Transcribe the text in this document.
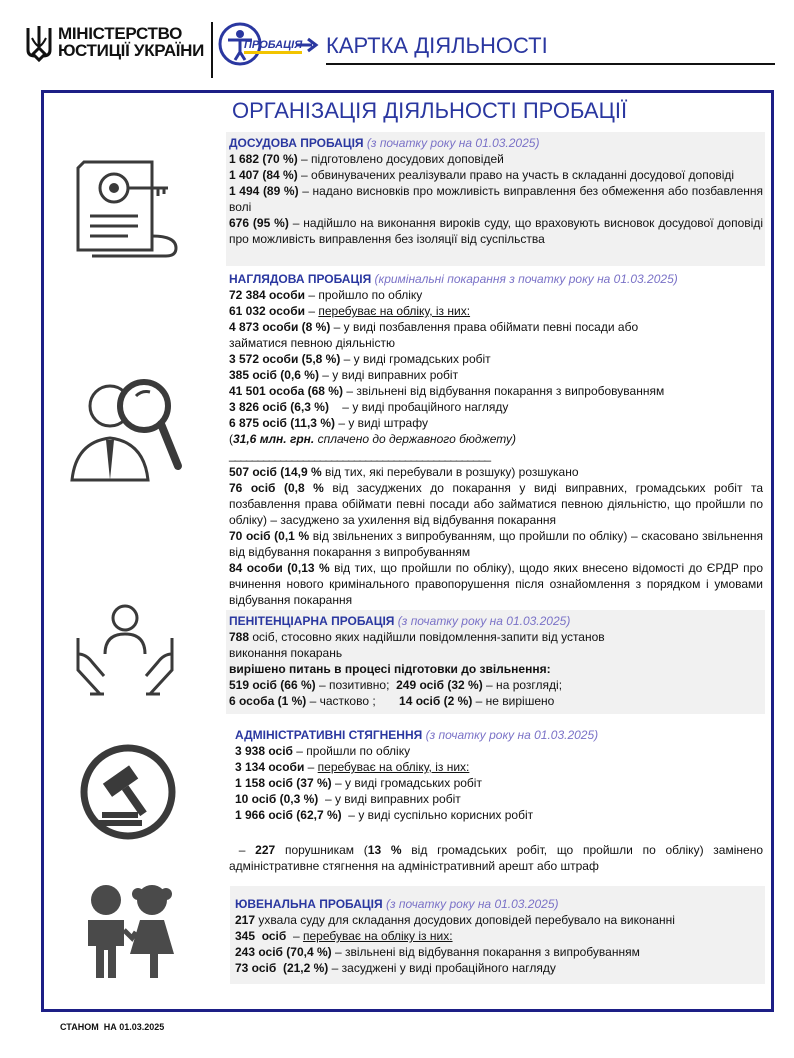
МІНІСТЕРСТВО
ЮСТИЦІЇ УКРАЇНИ	ПРОБАЦІЯ КАРТКА ДІЯЛЬНОСТІ
ОРГАНІЗАЦІЯ ДІЯЛЬНОСТІ ПРОБАЦІЇ

ДОСУДОВА ПРОБАЦІЯ (з початку року на 01.03.2025)

1 682 (70 %) – підготовлено досудових доповідей

1 407 (84 %) – обвинувачених реалізували право на участь в складанні досудової доповіді

1 494 (89 %) – надано висновків про можливість виправлення без обмеження або позбавлення волі

676 (95 %) – надійшло на виконання вироків суду, що враховують висновок досудової доповіді про можливість виправлення без ізоляції від суспільства

НАГЛЯДОВА ПРОБАЦІЯ (кримінальні покарання з початку року на 01.03.2025)

72 384 особи – пройшло по обліку

61 032 особи – перебуває на обліку, із них:

4 873 особи (8 %) – у виді позбавлення права обіймати певні посади або займатися певною діяльністю

3 572 особи (5,8 %) – у виді громадських робіт

385 осіб (0,6 %) – у виді виправних робіт

41 501 особа (68 %) – звільнені від відбування покарання з випробовуванням

3 826 осіб (6,3 %)    – у виді пробаційного нагляду

6 875 осіб (11,3 %) – у виді штрафу

(31,6 млн. грн. сплачено до державного бюджету)

______________________________________________

507 осіб (14,9 % від тих, які перебували в розшуку) розшукано

76 осіб (0,8 % від засуджених до покарання у виді виправних, громадських робіт та позбавлення права обіймати певні посади або займатися певною діяльністю, що пройшли по обліку) – засуджено за ухилення від відбування покарання

70 осіб (0,1 % від звільнених з випробуванням, що пройшли по обліку) – скасовано звільнення від відбування покарання з випробуванням

84 особи (0,13 % від тих, що пройшли по обліку), щодо яких внесено відомості до ЄРДР про вчинення нового кримінального правопорушення після ознайомлення з порядком і умовами відбування покарання

ПЕНІТЕНЦІАРНА ПРОБАЦІЯ (з початку року на 01.03.2025)

788 осіб, стосовно яких надійшли повідомлення-запити від установ виконання покарань

вирішено питань в процесі підготовки до звільнення:

519 осіб (66 %) – позитивно;  249 осіб (32 %) – на розгляді;

6 особа (1 %) – частково ;       14 осіб (2 %) – не вирішено

АДМІНІСТРАТИВНІ СТЯГНЕННЯ (з початку року на 01.03.2025)

3 938 осіб – пройшли по обліку

3 134 особи – перебуває на обліку, із них:

1 158 осіб (37 %) – у виді громадських робіт

10 осіб (0,3 %)  – у виді виправних робіт

1 966 осіб (62,7 %)  – у виді суспільно корисних робіт

– 227 порушникам (13 % від громадських робіт, що пройшли по обліку) замінено адміністративне стягнення на адміністративний арешт або штраф

ЮВЕНАЛЬНА ПРОБАЦІЯ (з початку року на 01.03.2025)

217 ухвала суду для складання досудових доповідей перебувало на виконанні

345  осіб  – перебуває на обліку із них:

243 осіб (70,4 %) – звільнені від відбування покарання з випробуванням

73 осіб  (21,2 %) – засуджені у виді пробаційного нагляду

СТАНОМ  НА 01.03.2025
